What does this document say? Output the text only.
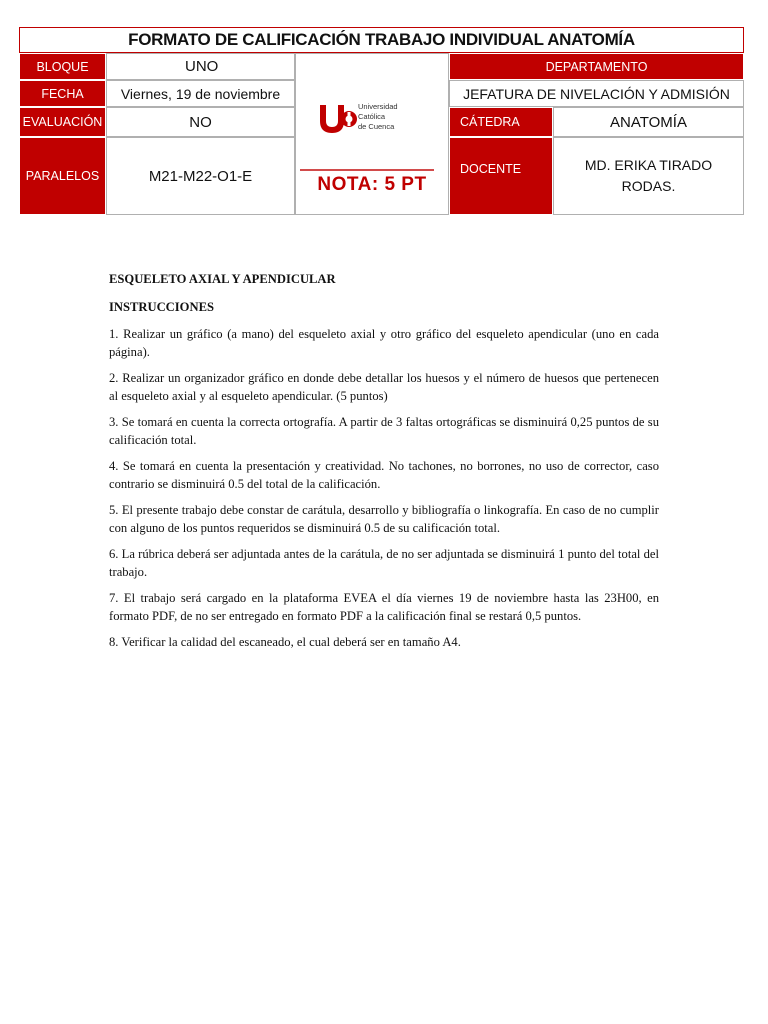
FORMATO DE CALIFICACIÓN TRABAJO INDIVIDUAL ANATOMÍA
BLOQUE	UNO
FECHA	Viernes, 19 de noviembre
EVALUACIÓN	NO
PARALELOS	M21-M22-O1-E
Universidad
Católica
de Cuenca
NOTA: 5 PT
DEPARTAMENTO
JEFATURA DE NIVELACIÓN Y ADMISIÓN
CÁTEDRA	ANATOMÍA
DOCENTE	MD. ERIKA TIRADO RODAS.

ESQUELETO AXIAL Y APENDICULAR

INSTRUCCIONES

1. Realizar un gráfico (a mano) del esqueleto axial y otro gráfico del esqueleto apendicular (uno en cada página).

2. Realizar un organizador gráfico en donde debe detallar los huesos y el número de huesos que pertenecen al esqueleto axial y al esqueleto apendicular. (5 puntos)

3. Se tomará en cuenta la correcta ortografía. A partir de 3 faltas ortográficas se disminuirá 0,25 puntos de su calificación total.

4. Se tomará en cuenta la presentación y creatividad. No tachones, no borrones, no uso de corrector, caso contrario se disminuirá 0.5 del total de la calificación.

5. El presente trabajo debe constar de carátula, desarrollo y bibliografía o linkografía. En caso de no cumplir con alguno de los puntos requeridos se disminuirá 0.5 de su calificación total.

6. La rúbrica deberá ser adjuntada antes de la carátula, de no ser adjuntada se disminuirá 1 punto del total del trabajo.

7. El trabajo será cargado en la plataforma EVEA el día viernes 19 de noviembre hasta las 23H00, en formato PDF, de no ser entregado en formato PDF a la calificación final se restará 0,5 puntos.

8. Verificar la calidad del escaneado, el cual deberá ser en tamaño A4.
